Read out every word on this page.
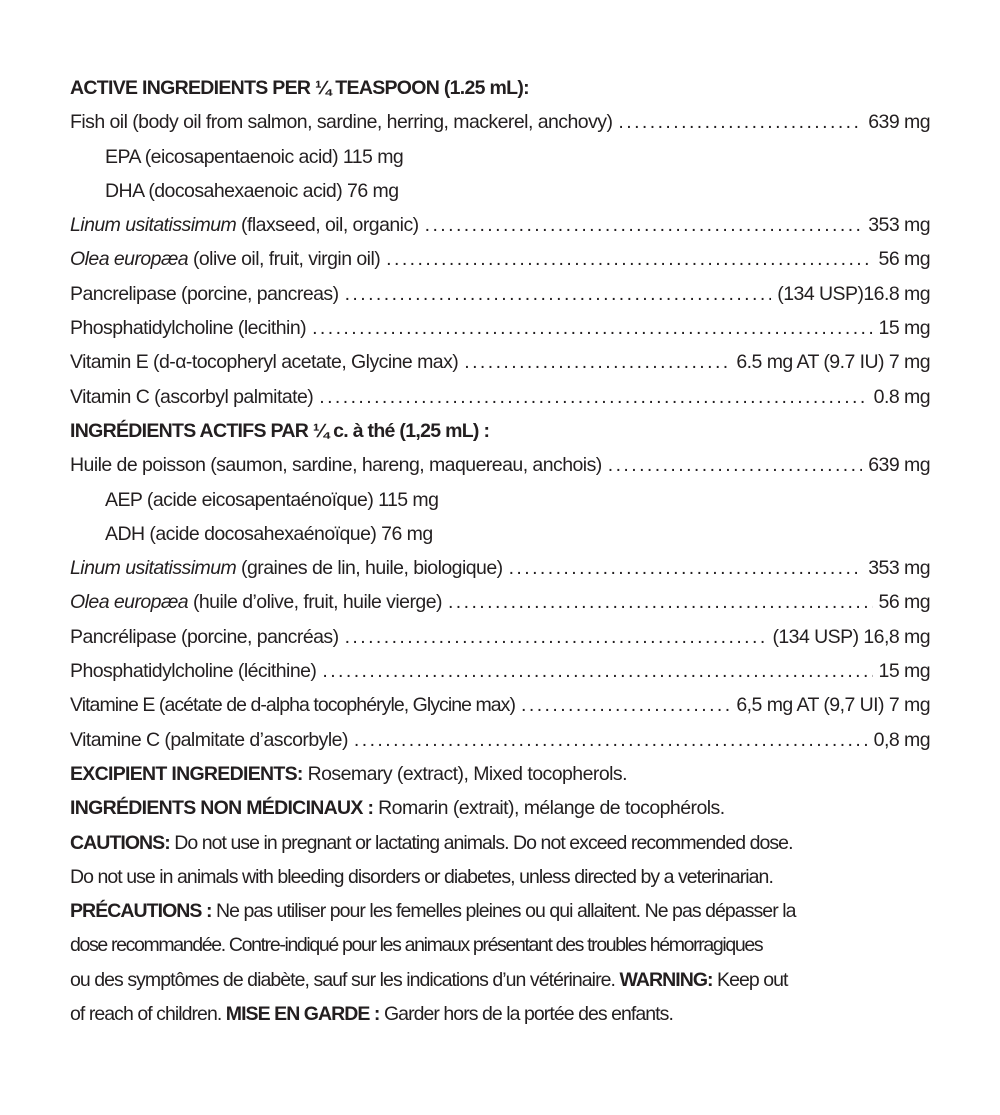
ACTIVE INGREDIENTS PER ¼ TEASPOON (1.25 mL):
Fish oil (body oil from salmon, sardine, herring, mackerel, anchovy) . . .	639 mg
EPA (eicosapentaenoic acid) 115 mg
DHA (docosahexaenoic acid) 76 mg
Linum usitatissimum (flaxseed, oil, organic) . . .	353 mg
Olea europæa (olive oil, fruit, virgin oil) . . .	56 mg
Pancrelipase (porcine, pancreas) . . .	(134 USP)16.8 mg
Phosphatidylcholine (lecithin) . . .	15 mg
Vitamin E (d-α-tocopheryl acetate, Glycine max) . . .	6.5 mg AT (9.7 IU) 7 mg
Vitamin C (ascorbyl palmitate) . . .	0.8 mg
INGRÉDIENTS ACTIFS PAR ¼ c. à thé (1,25 mL) :
Huile de poisson (saumon, sardine, hareng, maquereau, anchois) . . .	639 mg
AEP (acide eicosapentaénoïque) 115 mg
ADH (acide docosahexaénoïque) 76 mg
Linum usitatissimum (graines de lin, huile, biologique) . . .	353 mg
Olea europæa (huile d’olive, fruit, huile vierge) . . .	56 mg
Pancrélipase (porcine, pancréas) . . .	(134 USP) 16,8 mg
Phosphatidylcholine (lécithine) . . .	15 mg
Vitamine E (acétate de d-alpha tocophéryle, Glycine max) . . .	6,5 mg AT (9,7 UI) 7 mg
Vitamine C (palmitate d’ascorbyle) . . .	0,8 mg
EXCIPIENT INGREDIENTS: Rosemary (extract), Mixed tocopherols.
INGRÉDIENTS NON MÉDICINAUX : Romarin (extrait), mélange de tocophérols.
CAUTIONS: Do not use in pregnant or lactating animals. Do not exceed recommended dose.
Do not use in animals with bleeding disorders or diabetes, unless directed by a veterinarian.
PRÉCAUTIONS : Ne pas utiliser pour les femelles pleines ou qui allaitent. Ne pas dépasser la
dose recommandée. Contre-indiqué pour les animaux présentant des troubles hémorragiques
ou des symptômes de diabète, sauf sur les indications d’un vétérinaire. WARNING: Keep out
of reach of children. MISE EN GARDE : Garder hors de la portée des enfants.
